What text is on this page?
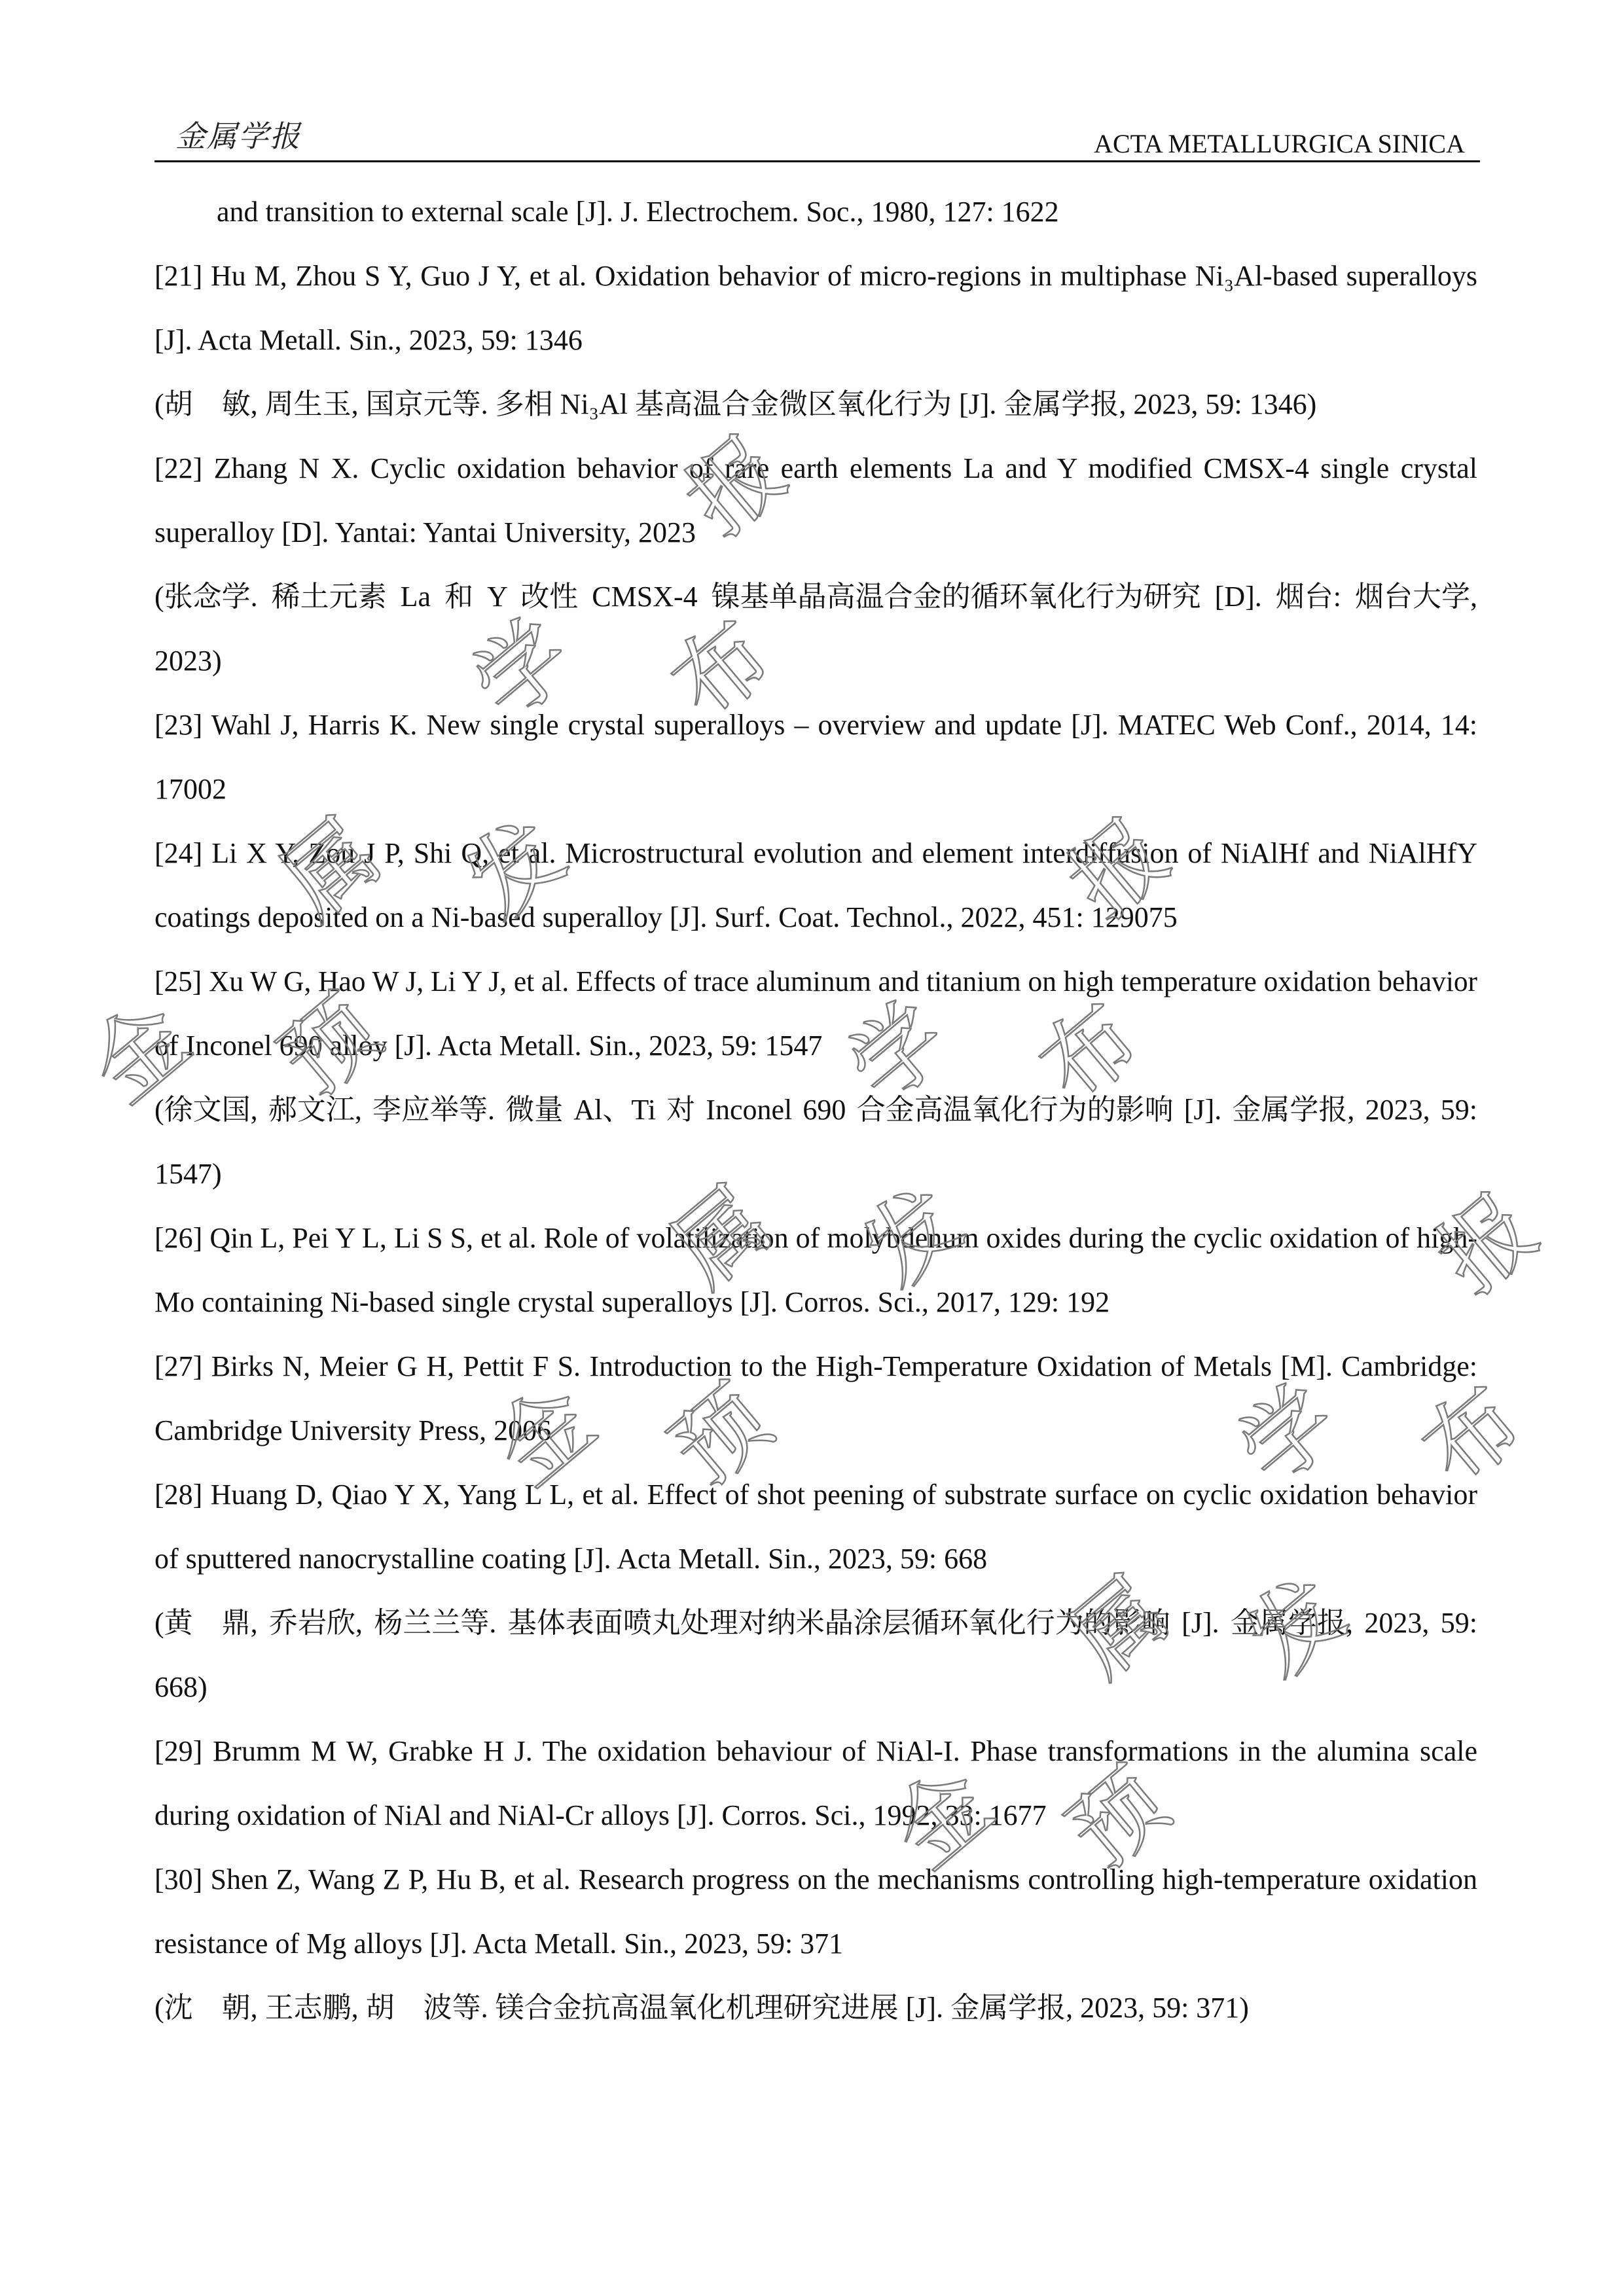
金属学报	ACTA METALLURGICA SINICA
and transition to external scale [J]. J. Electrochem. Soc., 1980, 127: 1622
[21] Hu M, Zhou S Y, Guo J Y, et al. Oxidation behavior of micro-regions in multiphase Ni₃Al-based superalloys
[J]. Acta Metall. Sin., 2023, 59: 1346
(胡　敏, 周生玉, 国京元等. 多相 Ni₃Al 基高温合金微区氧化行为 [J]. 金属学报, 2023, 59: 1346)
[22] Zhang N X. Cyclic oxidation behavior of rare earth elements La and Y modified CMSX-4 single crystal
superalloy [D]. Yantai: Yantai University, 2023
(张念学. 稀土元素 La 和 Y 改性 CMSX-4 镍基单晶高温合金的循环氧化行为研究 [D]. 烟台: 烟台大学,
2023)
[23] Wahl J, Harris K. New single crystal superalloys – overview and update [J]. MATEC Web Conf., 2014, 14:
17002
[24] Li X Y, Zou J P, Shi Q, et al. Microstructural evolution and element interdiffusion of NiAlHf and NiAlHfY
coatings deposited on a Ni-based superalloy [J]. Surf. Coat. Technol., 2022, 451: 129075
[25] Xu W G, Hao W J, Li Y J, et al. Effects of trace aluminum and titanium on high temperature oxidation behavior
of Inconel 690 alloy [J]. Acta Metall. Sin., 2023, 59: 1547
(徐文国, 郝文江, 李应举等. 微量 Al、Ti 对 Inconel 690 合金高温氧化行为的影响 [J]. 金属学报, 2023, 59:
1547)
[26] Qin L, Pei Y L, Li S S, et al. Role of volatilization of molybdenum oxides during the cyclic oxidation of high-
Mo containing Ni-based single crystal superalloys [J]. Corros. Sci., 2017, 129: 192
[27] Birks N, Meier G H, Pettit F S. Introduction to the High-Temperature Oxidation of Metals [M]. Cambridge:
Cambridge University Press, 2006
[28] Huang D, Qiao Y X, Yang L L, et al. Effect of shot peening of substrate surface on cyclic oxidation behavior
of sputtered nanocrystalline coating [J]. Acta Metall. Sin., 2023, 59: 668
(黄　鼎, 乔岩欣, 杨兰兰等. 基体表面喷丸处理对纳米晶涂层循环氧化行为的影响 [J]. 金属学报, 2023, 59:
668)
[29] Brumm M W, Grabke H J. The oxidation behaviour of NiAl-I. Phase transformations in the alumina scale
during oxidation of NiAl and NiAl-Cr alloys [J]. Corros. Sci., 1992, 33: 1677
[30] Shen Z, Wang Z P, Hu B, et al. Research progress on the mechanisms controlling high-temperature oxidation
resistance of Mg alloys [J]. Acta Metall. Sin., 2023, 59: 371
(沈　朝, 王志鹏, 胡　波等. 镁合金抗高温氧化机理研究进展 [J]. 金属学报, 2023, 59: 371)
金
属
学
报
预
发
布
金
属
学
报
预
发
布
金
属
学
报
预
发
布
